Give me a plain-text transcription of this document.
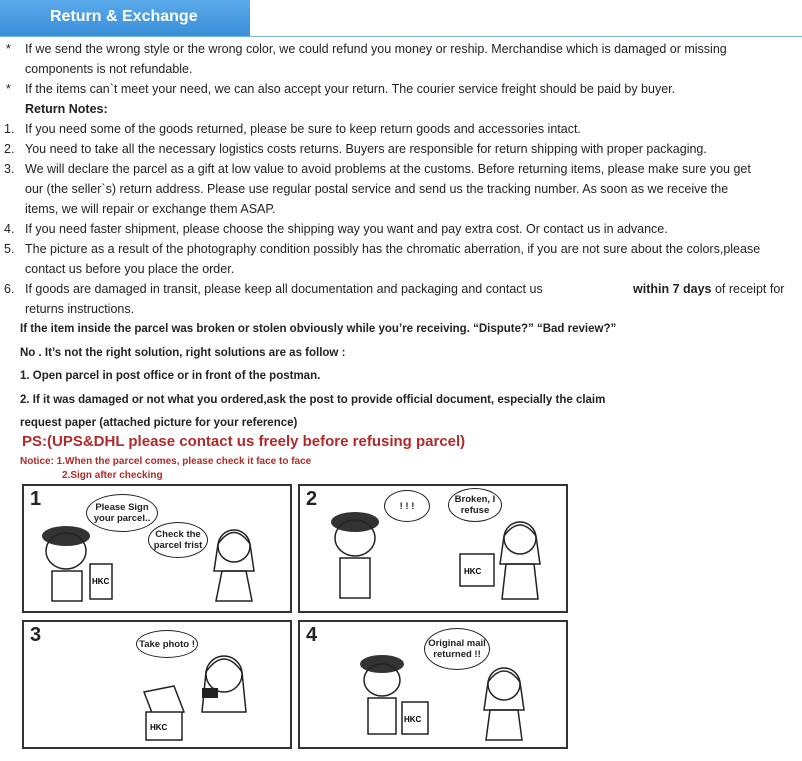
Return & Exchange
* If we send the wrong style or the wrong color, we could refund you money or reship. Merchandise which is damaged or missing
components is not refundable.
* If the items can`t meet your need, we can also accept your return. The courier service freight should be paid by buyer.
Return Notes:
1. If you need some of the goods returned, please be sure to keep return goods and accessories intact.
2. You need to take all the necessary logistics costs returns. Buyers are responsible for return shipping with proper packaging.
3. We will declare the parcel as a gift at low value to avoid problems at the customs. Before returning items, please make sure you get
our (the seller`s) return address. Please use regular postal service and send us the tracking number. As soon as we receive the
items, we will repair or exchange them ASAP.
4. If you need faster shipment, please choose the shipping way you want and pay extra cost. Or contact us in advance.
5. The picture as a result of the photography condition possibly has the chromatic aberration, if you are not sure about the colors,please
contact us before you place the order.
6. If goods are damaged in transit, please keep all documentation and packaging and contact us	within 7 days of receipt for
returns instructions.
If the item inside the parcel was broken or stolen obviously while you’re receiving. “Dispute?” “Bad review?”
No . It’s not the right solution, right solutions are as follow :
1. Open parcel in post office or in front of the postman.
2. If it was damaged or not what you ordered,ask the post to provide official document, especially the claim
request paper (attached picture for your reference)
PS:(UPS&DHL please contact us freely before refusing parcel)
Notice: 1.When the parcel comes, please check it face to face
2.Sign after checking
1	Please Sign your parcel..
Check the parcel frist
HKC
2	! ! !
Broken, I refuse
HKC
3	Take photo !
HKC
4	Original mail returned !!
HKC
